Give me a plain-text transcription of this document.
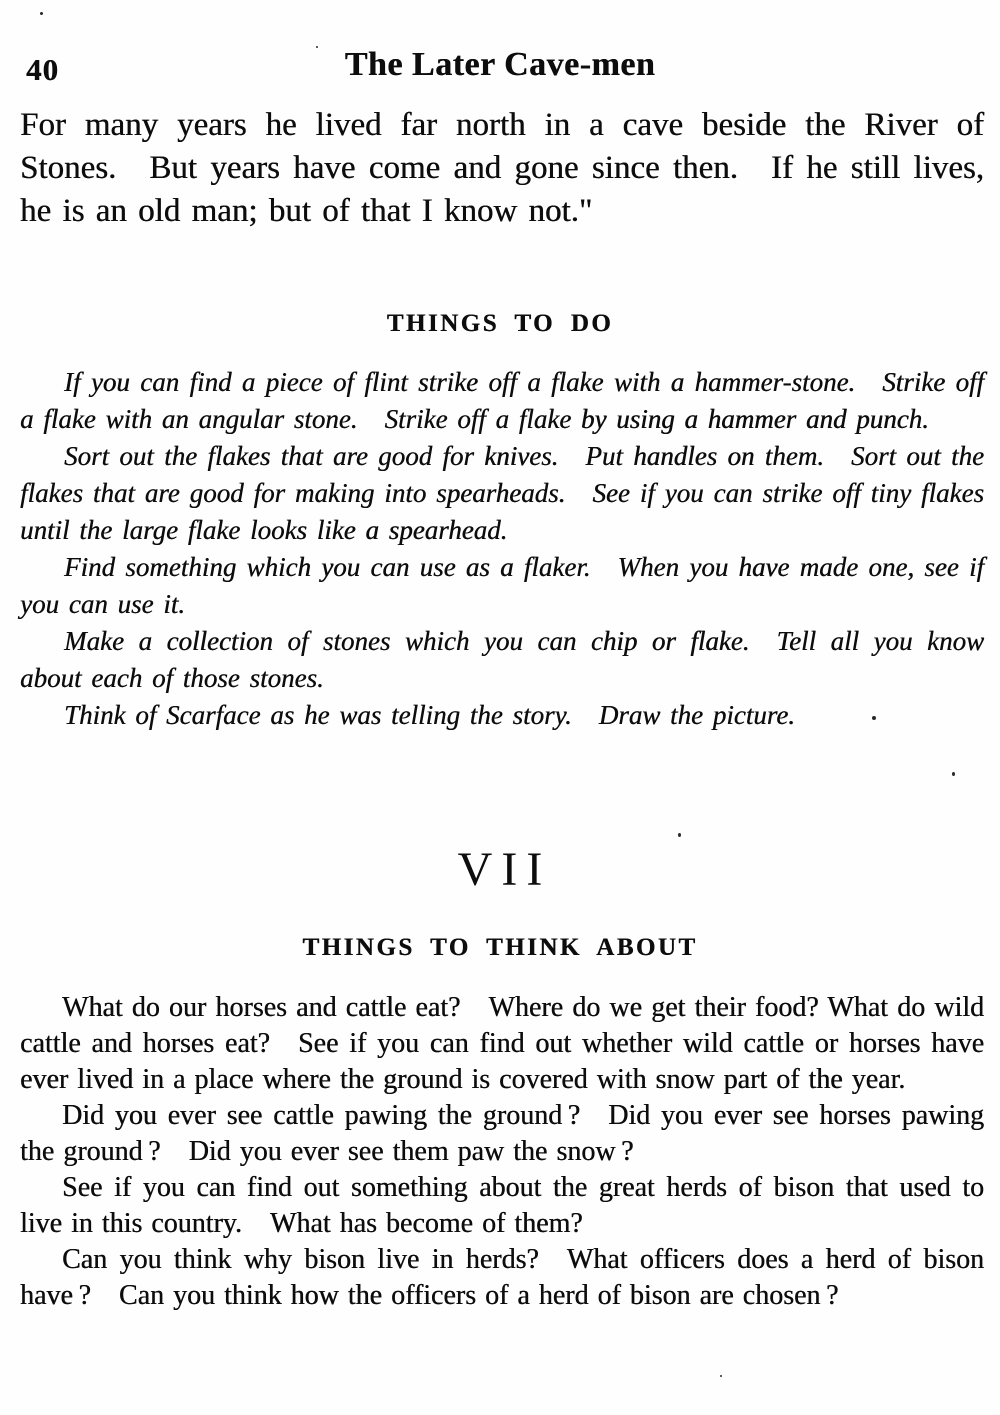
40	The Later Cave-men

For many years he lived far north in a cave beside the River of Stones. But years have come and gone since then. If he still lives, he is an old man; but of that I know not."

THINGS TO DO

If you can find a piece of flint strike off a flake with a hammer-stone. Strike off a flake with an angular stone. Strike off a flake by using a hammer and punch.

Sort out the flakes that are good for knives. Put handles on them. Sort out the flakes that are good for making into spearheads. See if you can strike off tiny flakes until the large flake looks like a spearhead.

Find something which you can use as a flaker. When you have made one, see if you can use it.

Make a collection of stones which you can chip or flake. Tell all you know about each of those stones.

Think of Scarface as he was telling the story. Draw the picture.

VII
THINGS TO THINK ABOUT

What do our horses and cattle eat? Where do we get their food? What do wild cattle and horses eat? See if you can find out whether wild cattle or horses have ever lived in a place where the ground is covered with snow part of the year.

Did you ever see cattle pawing the ground ? Did you ever see horses pawing the ground ? Did you ever see them paw the snow ?

See if you can find out something about the great herds of bison that used to live in this country. What has become of them?

Can you think why bison live in herds? What officers does a herd of bison have ? Can you think how the officers of a herd of bison are chosen ?
